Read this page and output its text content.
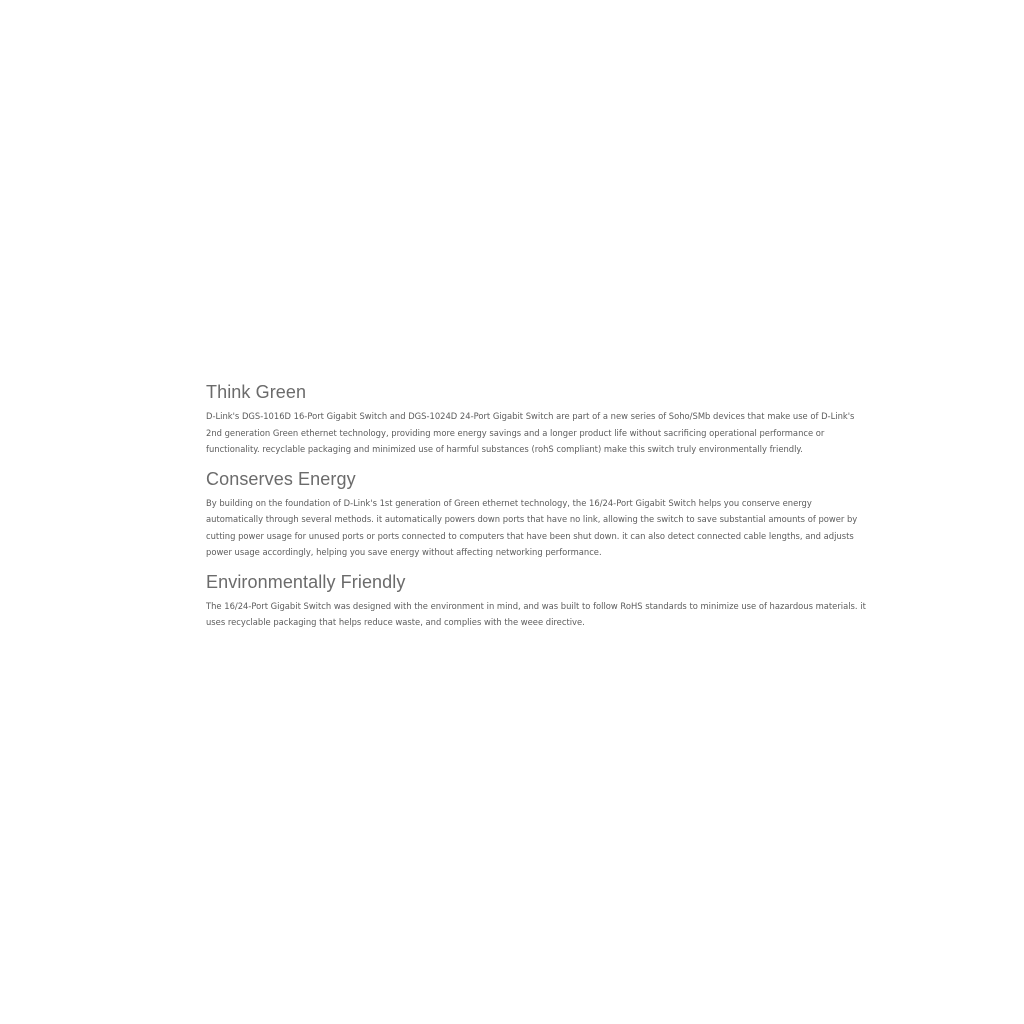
Think Green

D-Link's DGS-1016D 16-Port Gigabit Switch and DGS-1024D 24-Port Gigabit Switch are part of a new series of Soho/SMb devices that make use of D-Link's 2nd generation Green ethernet technology, providing more energy savings and a longer product life without sacrificing operational performance or functionality. recyclable packaging and minimized use of harmful substances (rohS compliant) make this switch truly environmentally friendly.

Conserves Energy

By building on the foundation of D-Link's 1st generation of Green ethernet technology, the 16/24-Port Gigabit Switch helps you conserve energy automatically through several methods. it automatically powers down ports that have no link, allowing the switch to save substantial amounts of power by cutting power usage for unused ports or ports connected to computers that have been shut down. it can also detect connected cable lengths, and adjusts power usage accordingly, helping you save energy without affecting networking performance.

Environmentally Friendly

The 16/24-Port Gigabit Switch was designed with the environment in mind, and was built to follow RoHS standards to minimize use of hazardous materials. it uses recyclable packaging that helps reduce waste, and complies with the weee directive.
